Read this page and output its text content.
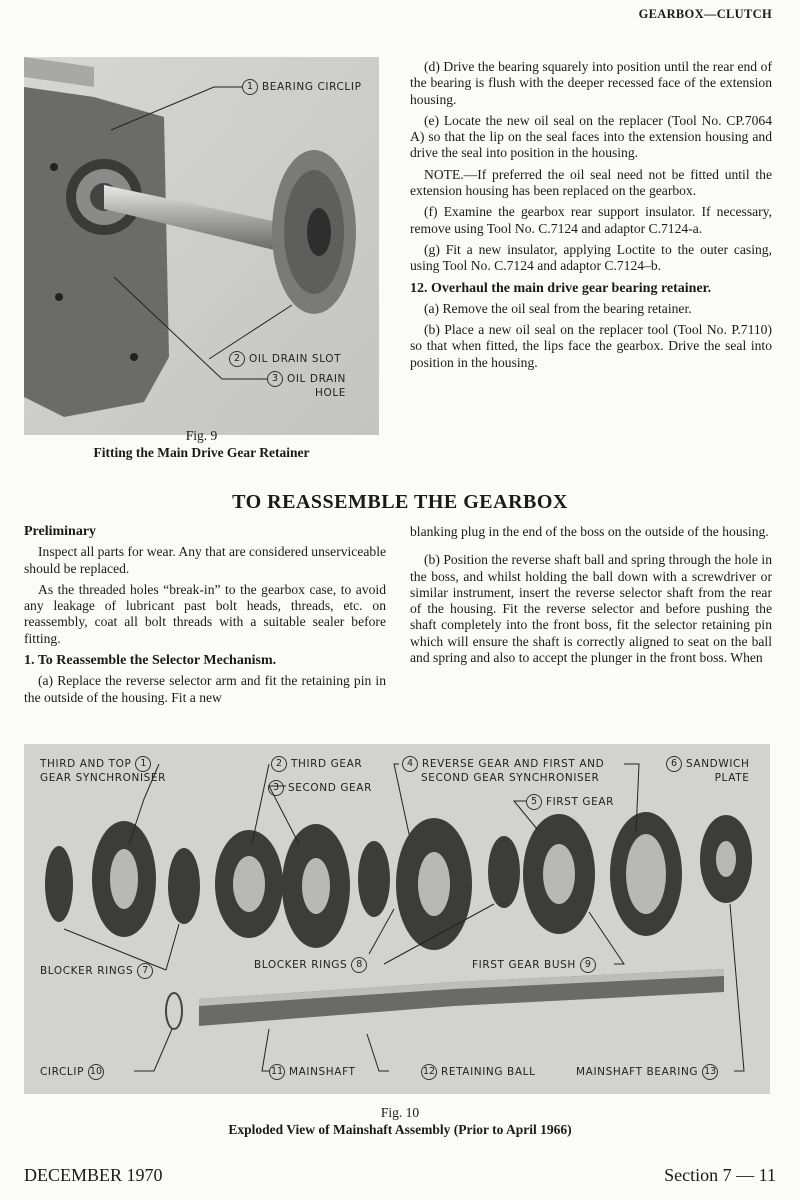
GEARBOX—CLUTCH
1 BEARING CIRCLIP
2 OIL DRAIN SLOT
3 OIL DRAIN
HOLE
Fig. 9
Fitting the Main Drive Gear Retainer

(d) Drive the bearing squarely into position until the rear end of the bearing is flush with the deeper recessed face of the extension housing.

(e) Locate the new oil seal on the replacer (Tool No. CP.7064 A) so that the lip on the seal faces into the extension housing and drive the seal into position in the housing.

NOTE.—If preferred the oil seal need not be fitted until the extension housing has been replaced on the gearbox.

(f) Examine the gearbox rear support insulator. If necessary, remove using Tool No. C.7124 and adaptor C.7124-a.

(g) Fit a new insulator, applying Loctite to the outer casing, using Tool No. C.7124 and adaptor C.7124–b.

12. Overhaul the main drive gear bearing retainer.

(a) Remove the oil seal from the bearing retainer.

(b) Place a new oil seal on the replacer tool (Tool No. P.7110) so that when fitted, the lips face the gearbox. Drive the seal into position in the housing.

TO REASSEMBLE THE GEARBOX
Preliminary

Inspect all parts for wear. Any that are considered unserviceable should be replaced.

As the threaded holes “break-in” to the gearbox case, to avoid any leakage of lubricant past bolt heads, threads, etc. on reassembly, coat all bolt threads with a suitable sealer before fitting.

1. To Reassemble the Selector Mechanism.

(a) Replace the reverse selector arm and fit the retaining pin in the outside of the housing. Fit a new

blanking plug in the end of the boss on the outside of the housing.

(b) Position the reverse shaft ball and spring through the hole in the boss, and whilst holding the ball down with a screwdriver or similar instrument, insert the reverse selector shaft from the rear of the housing. Fit the reverse selector and before pushing the shaft completely into the front boss, fit the selector retaining pin which will ensure the shaft is correctly aligned to seat on the ball and spring and also to accept the plunger in the front boss. When

THIRD AND TOP 1
GEAR SYNCHRONISER
2 THIRD GEAR
3 SECOND GEAR
4 REVERSE GEAR AND FIRST AND
SECOND GEAR SYNCHRONISER
5 FIRST GEAR
6 SANDWICH
PLATE
BLOCKER RINGS 7	BLOCKER RINGS 8	FIRST GEAR BUSH 9
CIRCLIP 10	11 MAINSHAFT	12 RETAINING BALL	MAINSHAFT BEARING 13
Fig. 10
Exploded View of Mainshaft Assembly (Prior to April 1966)
DECEMBER 1970	Section 7 — 11
